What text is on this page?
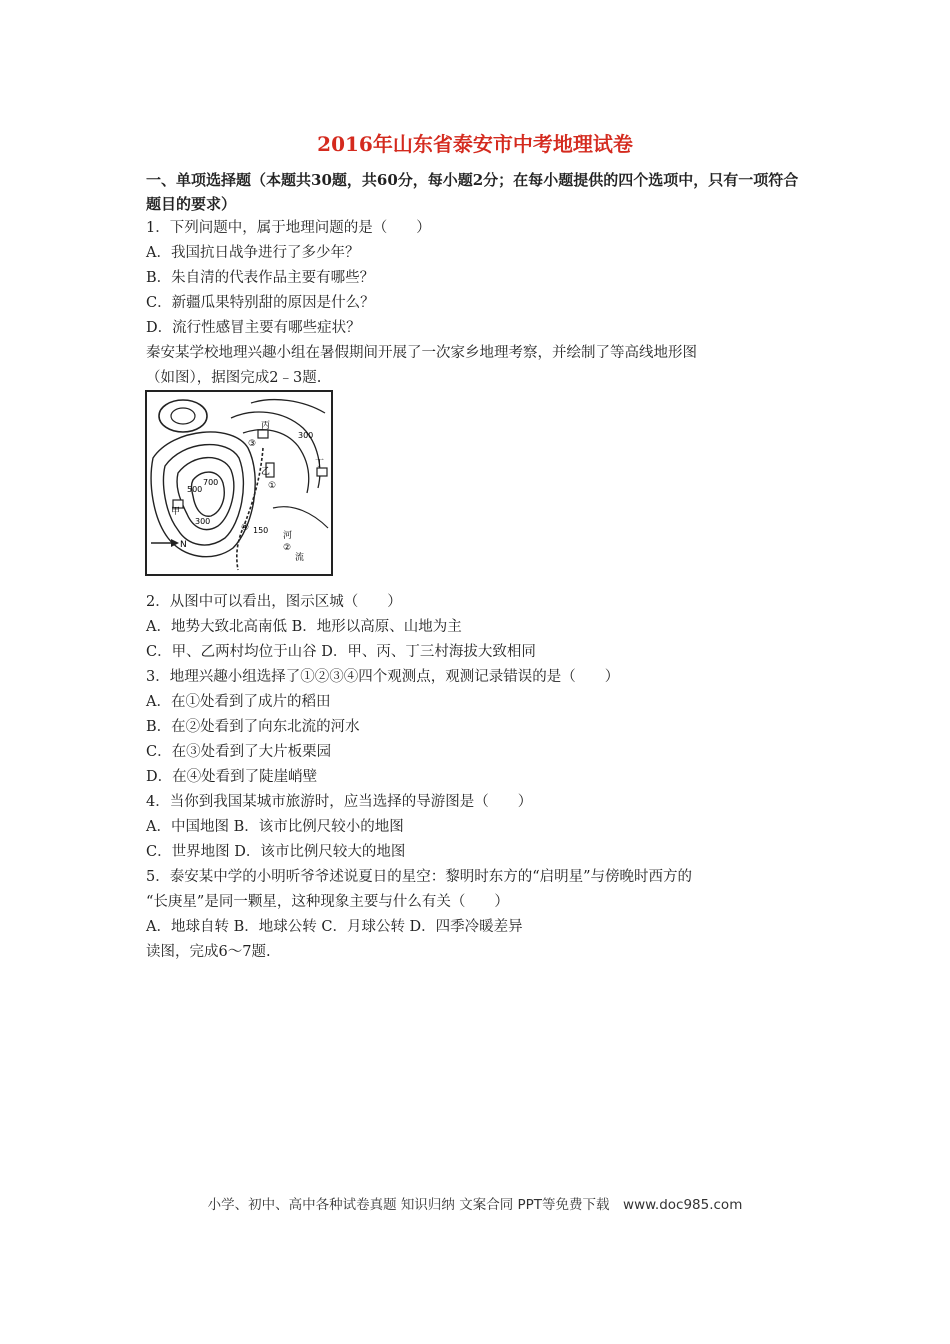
2016年山东省泰安市中考地理试卷
一、单项选择题（本题共30题，共60分，每小题2分；在每小题提供的四个选项中，只有一项符合题目的要求）
1．下列问题中，属于地理问题的是（　　）
A．我国抗日战争进行了多少年？
B．朱自清的代表作品主要有哪些？
C．新疆瓜果特别甜的原因是什么？
D．流行性感冒主要有哪些症状？
秦安某学校地理兴趣小组在暑假期间开展了一次家乡地理考察，并绘制了等高线地形图
（如图），据图完成2﹣3题.
700
500
300
150
300
甲
乙
丙
丁
河
流
①
②
③
④
N
2．从图中可以看出，图示区城（　　）
A．地势大致北高南低 B．地形以高原、山地为主
C．甲、乙两村均位于山谷 D．甲、丙、丁三村海拔大致相同
3．地理兴趣小组选择了①②③④四个观测点，观测记录错误的是（　　）
A．在①处看到了成片的稻田
B．在②处看到了向东北流的河水
C．在③处看到了大片板栗园
D．在④处看到了陡崖峭壁
4．当你到我国某城市旅游时，应当选择的导游图是（　　）
A．中国地图 B．该市比例尺较小的地图
C．世界地图 D．该市比例尺较大的地图
5．泰安某中学的小明听爷爷述说夏日的星空：黎明时东方的“启明星”与傍晚时西方的
“长庚星”是同一颗星，这种现象主要与什么有关（　　）
A．地球自转 B．地球公转 C．月球公转 D．四季冷暖差异
读图，完成6～7题.
小学、初中、高中各种试卷真题 知识归纳 文案合同 PPT等免费下载　www.doc985.com
